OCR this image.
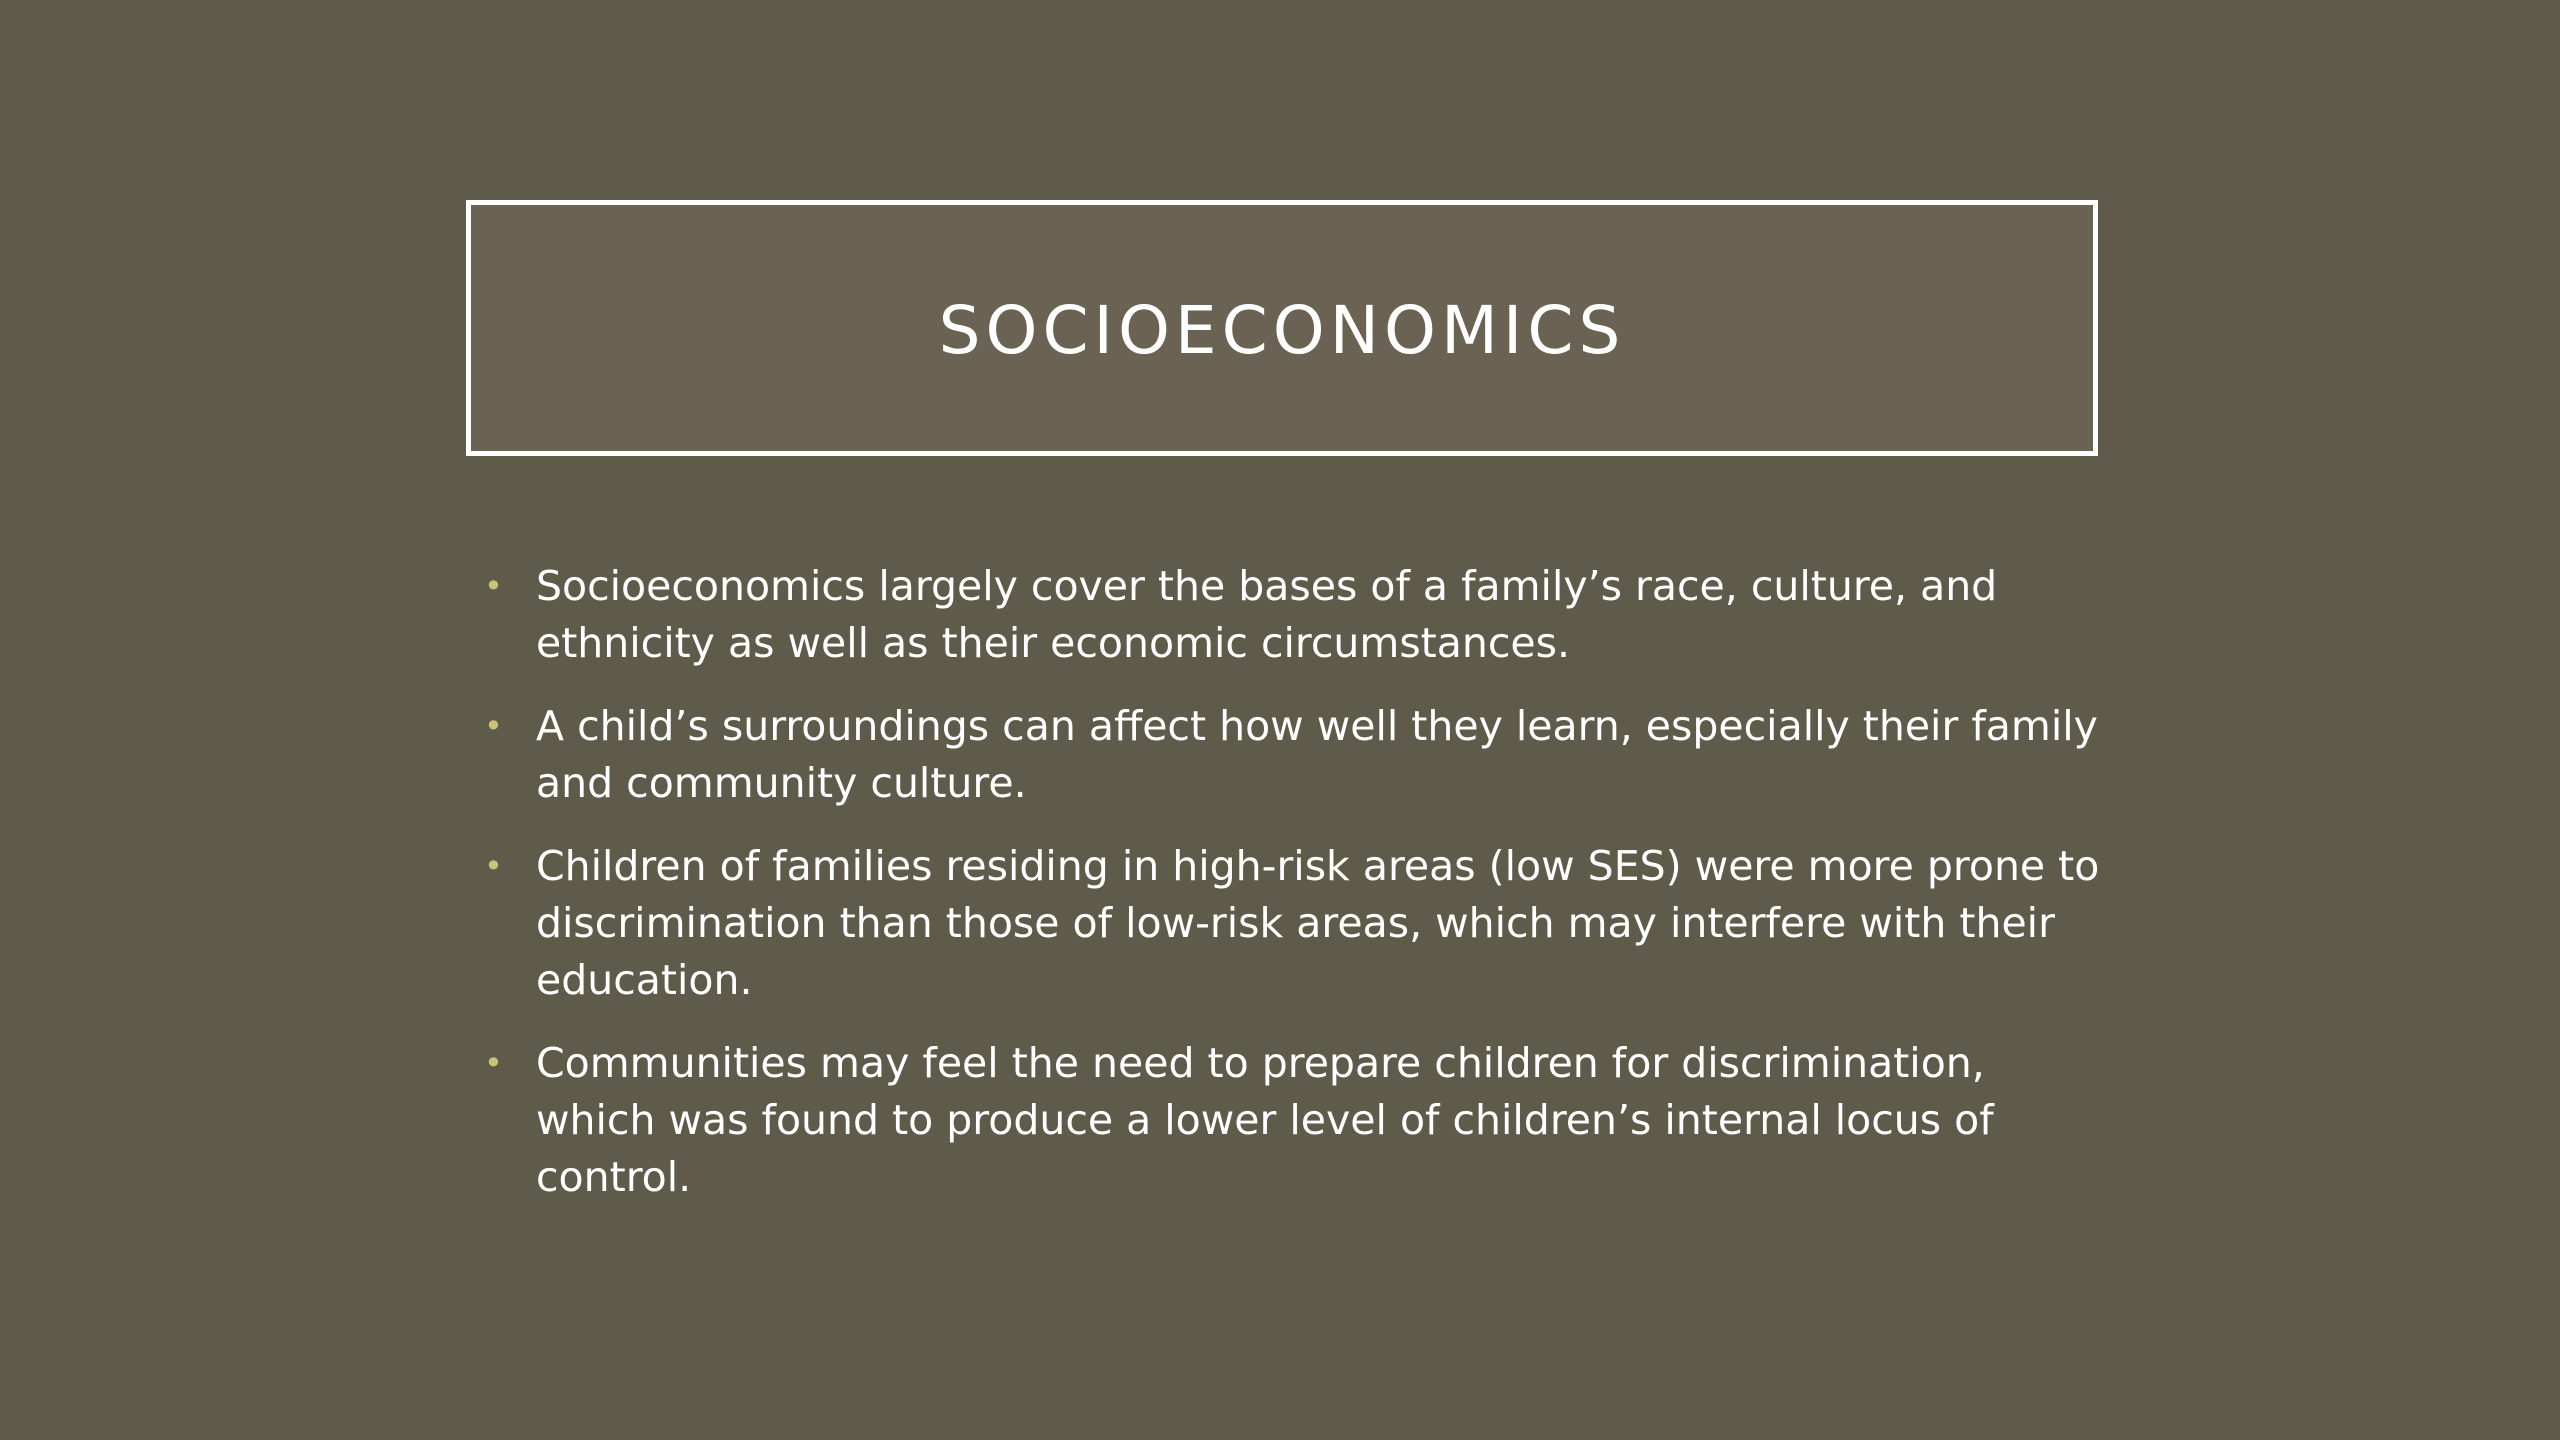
SOCIOECONOMICS
• Socioeconomics largely cover the bases of a family’s race, culture, and ethnicity as well as their economic circumstances.
• A child’s surroundings can affect how well they learn, especially their family and community culture.
• Children of families residing in high-risk areas (low SES) were more prone to discrimination than those of low-risk areas, which may interfere with their education.
• Communities may feel the need to prepare children for discrimination, which was found to produce a lower level of children’s internal locus of control.
